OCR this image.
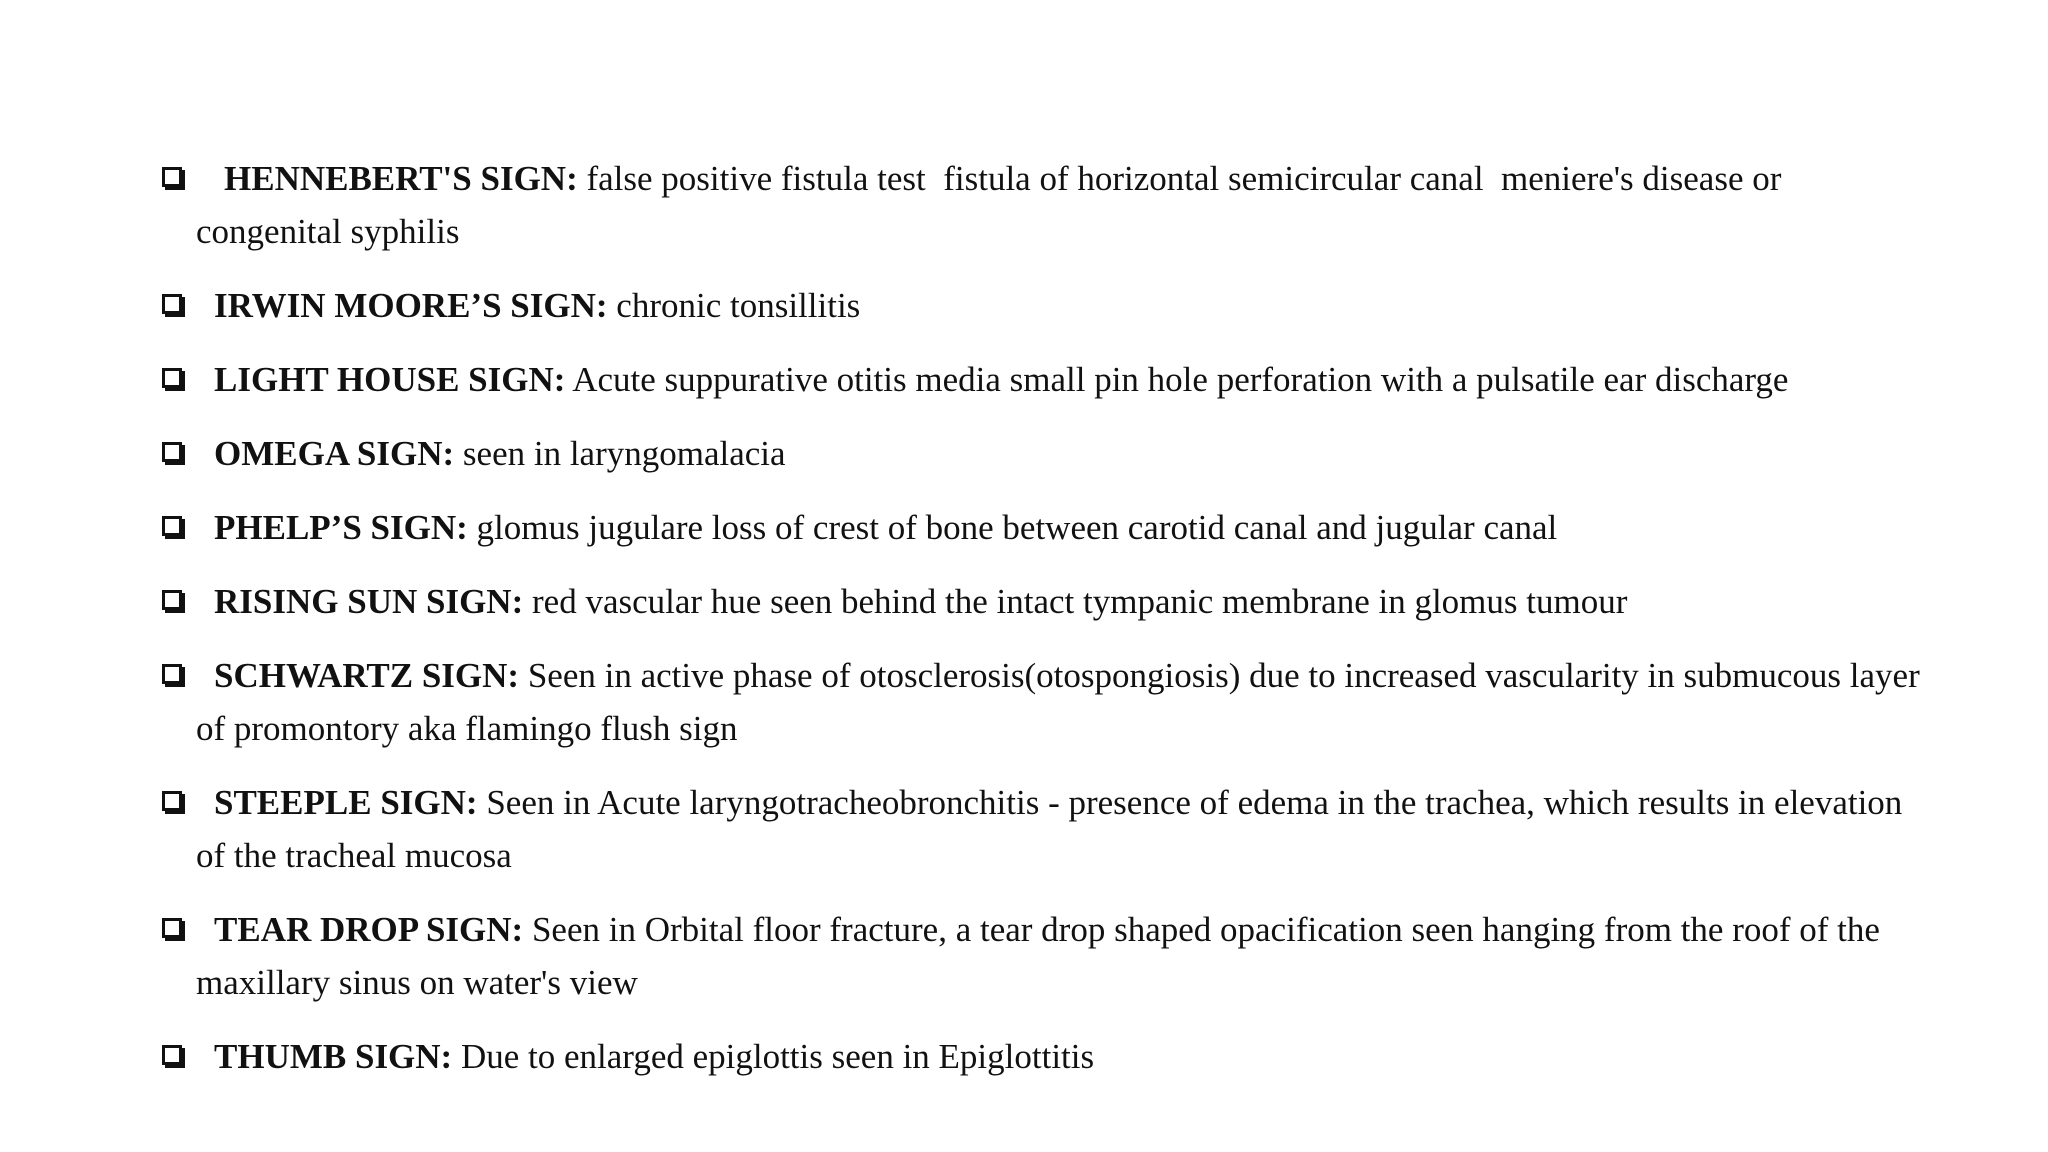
HENNEBERT'S SIGN: false positive fistula test  fistula of horizontal semicircular canal  meniere's disease or congenital syphilis
IRWIN MOORE’S SIGN: chronic tonsillitis
LIGHT HOUSE SIGN: Acute suppurative otitis media small pin hole perforation with a pulsatile ear discharge
OMEGA SIGN: seen in laryngomalacia
PHELP’S SIGN: glomus jugulare loss of crest of bone between carotid canal and jugular canal
RISING SUN SIGN: red vascular hue seen behind the intact tympanic membrane in glomus tumour
SCHWARTZ SIGN: Seen in active phase of otosclerosis(otospongiosis) due to increased vascularity in submucous layer of promontory aka flamingo flush sign
STEEPLE SIGN: Seen in Acute laryngotracheobronchitis - presence of edema in the trachea, which results in elevation of the tracheal mucosa
TEAR DROP SIGN: Seen in Orbital floor fracture, a tear drop shaped opacification seen hanging from the roof of the maxillary sinus on water's view
THUMB SIGN: Due to enlarged epiglottis seen in Epiglottitis
